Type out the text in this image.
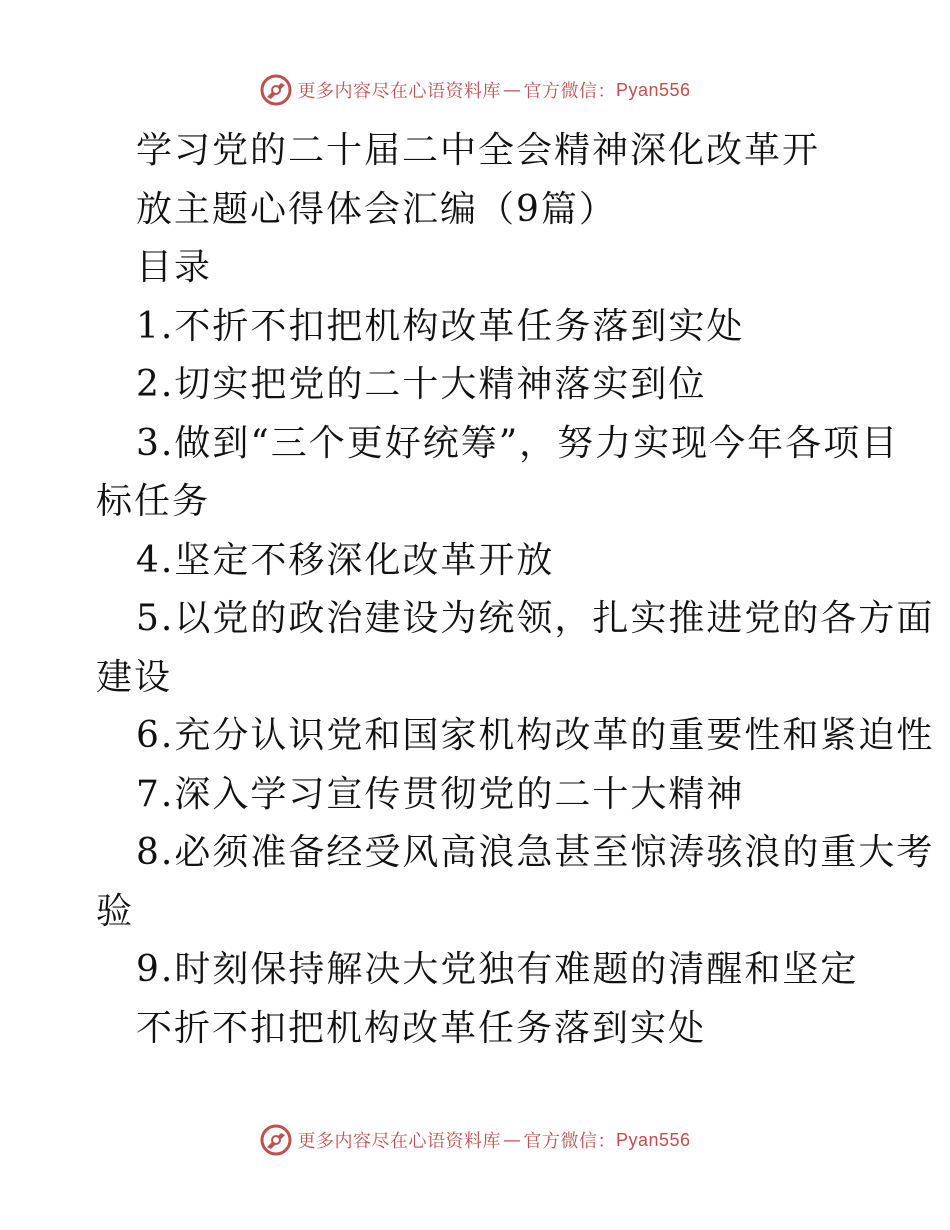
更多内容尽在心语资料库 — 官方微信： Pyan556
学习党的二十届二中全会精神深化改革开
放主题心得体会汇编（9篇）
目录
1.不折不扣把机构改革任务落到实处
2.切实把党的二十大精神落实到位
3.做到“三个更好统筹”，努力实现今年各项目
标任务
4.坚定不移深化改革开放
5.以党的政治建设为统领，扎实推进党的各方面
建设
6.充分认识党和国家机构改革的重要性和紧迫性
7.深入学习宣传贯彻党的二十大精神
8.必须准备经受风高浪急甚至惊涛骇浪的重大考
验
9.时刻保持解决大党独有难题的清醒和坚定
不折不扣把机构改革任务落到实处
更多内容尽在心语资料库 — 官方微信： Pyan556
